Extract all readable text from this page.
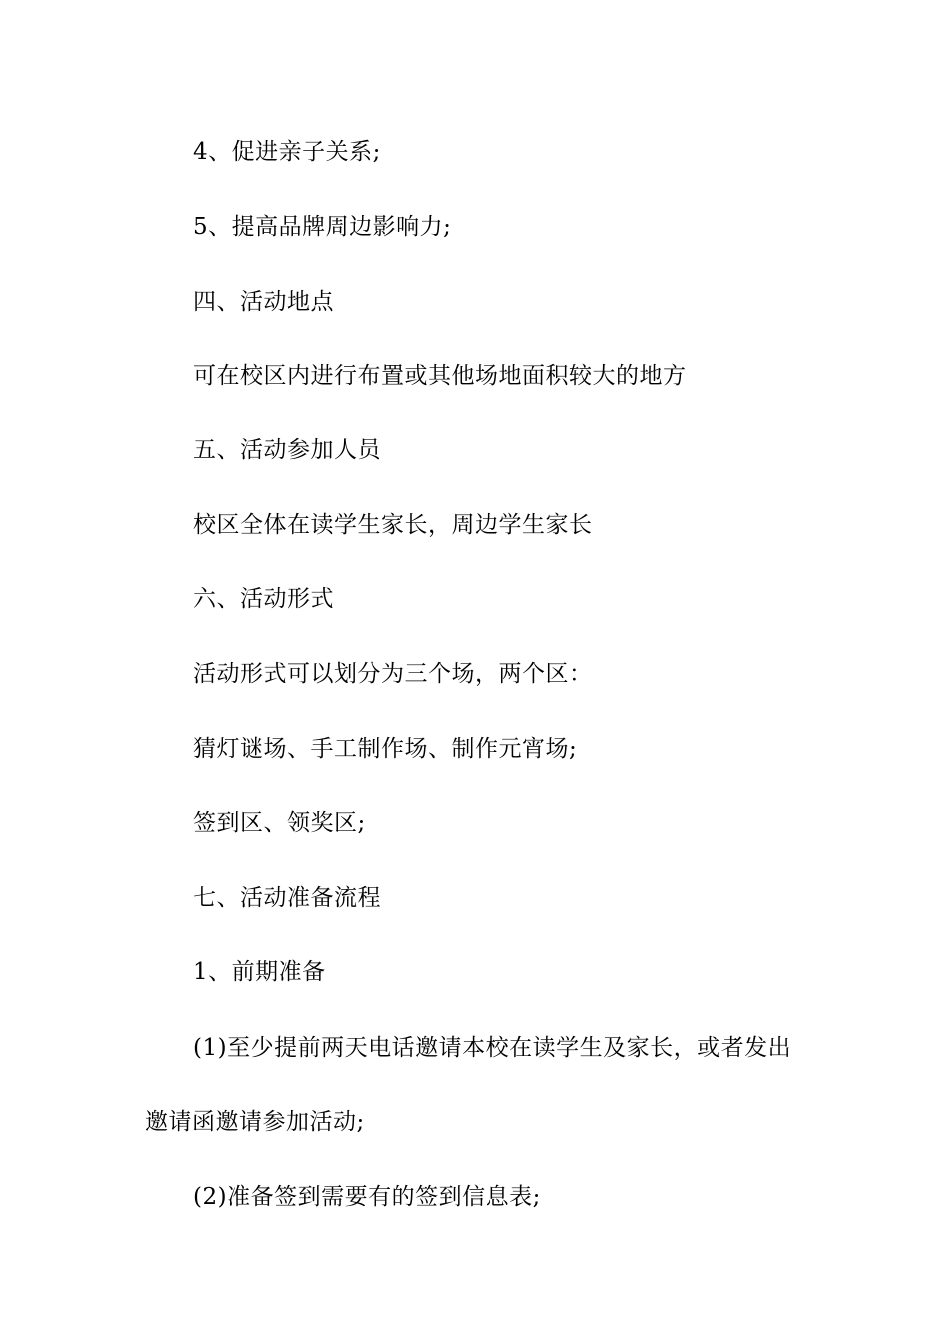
4、促进亲子关系;
5、提高品牌周边影响力;
四、活动地点
可在校区内进行布置或其他场地面积较大的地方
五、活动参加人员
校区全体在读学生家长，周边学生家长
六、活动形式
活动形式可以划分为三个场，两个区：
猜灯谜场、手工制作场、制作元宵场;
签到区、领奖区;
七、活动准备流程
1、前期准备
(1)至少提前两天电话邀请本校在读学生及家长，或者发出
邀请函邀请参加活动;
(2)准备签到需要有的签到信息表;
